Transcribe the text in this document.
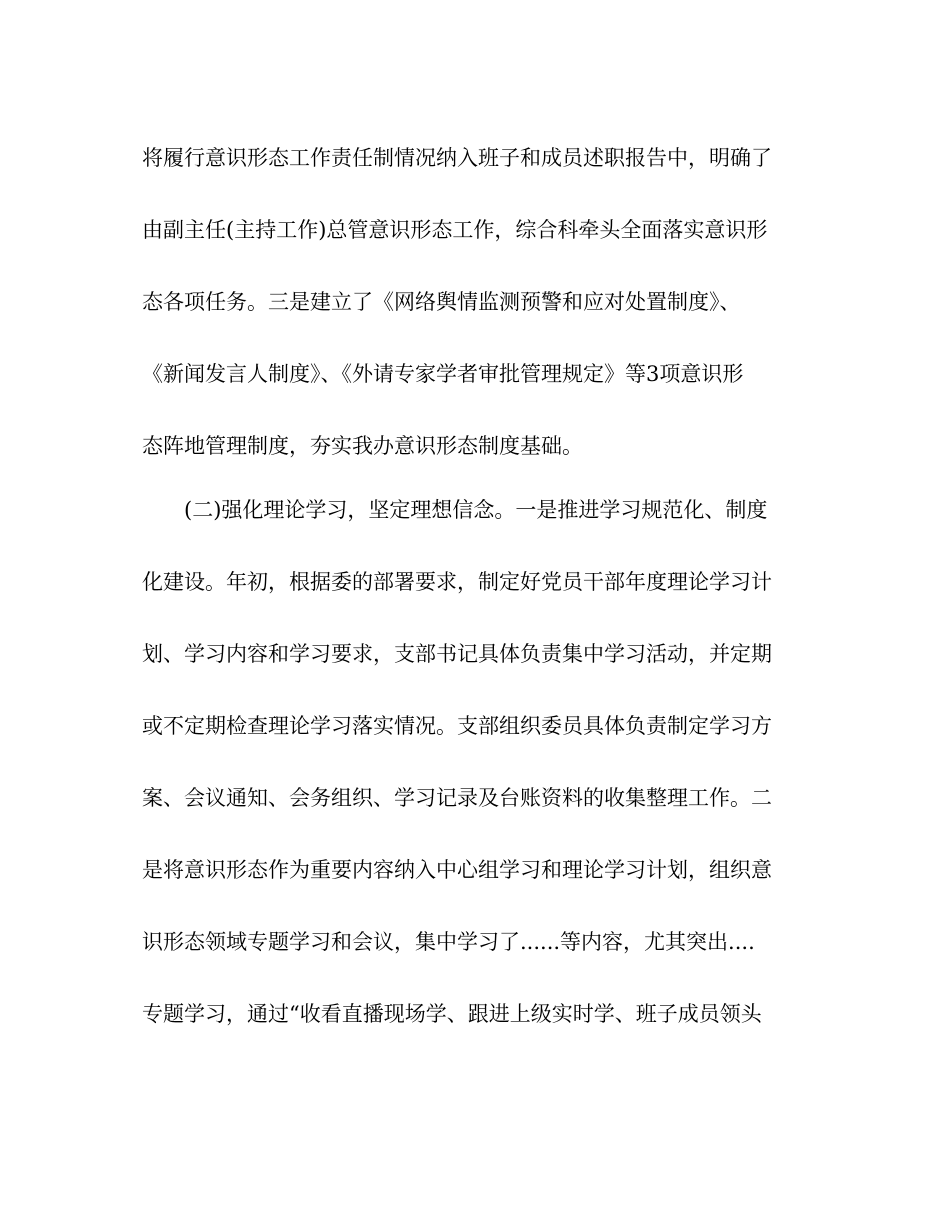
将履行意识形态工作责任制情况纳入班子和成员述职报告中，明确了
由副主任(主持工作)总管意识形态工作，综合科牵头全面落实意识形
态各项任务。三是建立了《网络舆情监测预警和应对处置制度》、
《新闻发言人制度》、《外请专家学者审批管理规定》等3项意识形
态阵地管理制度，夯实我办意识形态制度基础。
(二)强化理论学习，坚定理想信念。一是推进学习规范化、制度
化建设。年初，根据委的部署要求，制定好党员干部年度理论学习计
划、学习内容和学习要求，支部书记具体负责集中学习活动，并定期
或不定期检查理论学习落实情况。支部组织委员具体负责制定学习方
案、会议通知、会务组织、学习记录及台账资料的收集整理工作。二
是将意识形态作为重要内容纳入中心组学习和理论学习计划，组织意
识形态领域专题学习和会议，集中学习了......等内容，尤其突出....
专题学习，通过“收看直播现场学、跟进上级实时学、班子成员领头
